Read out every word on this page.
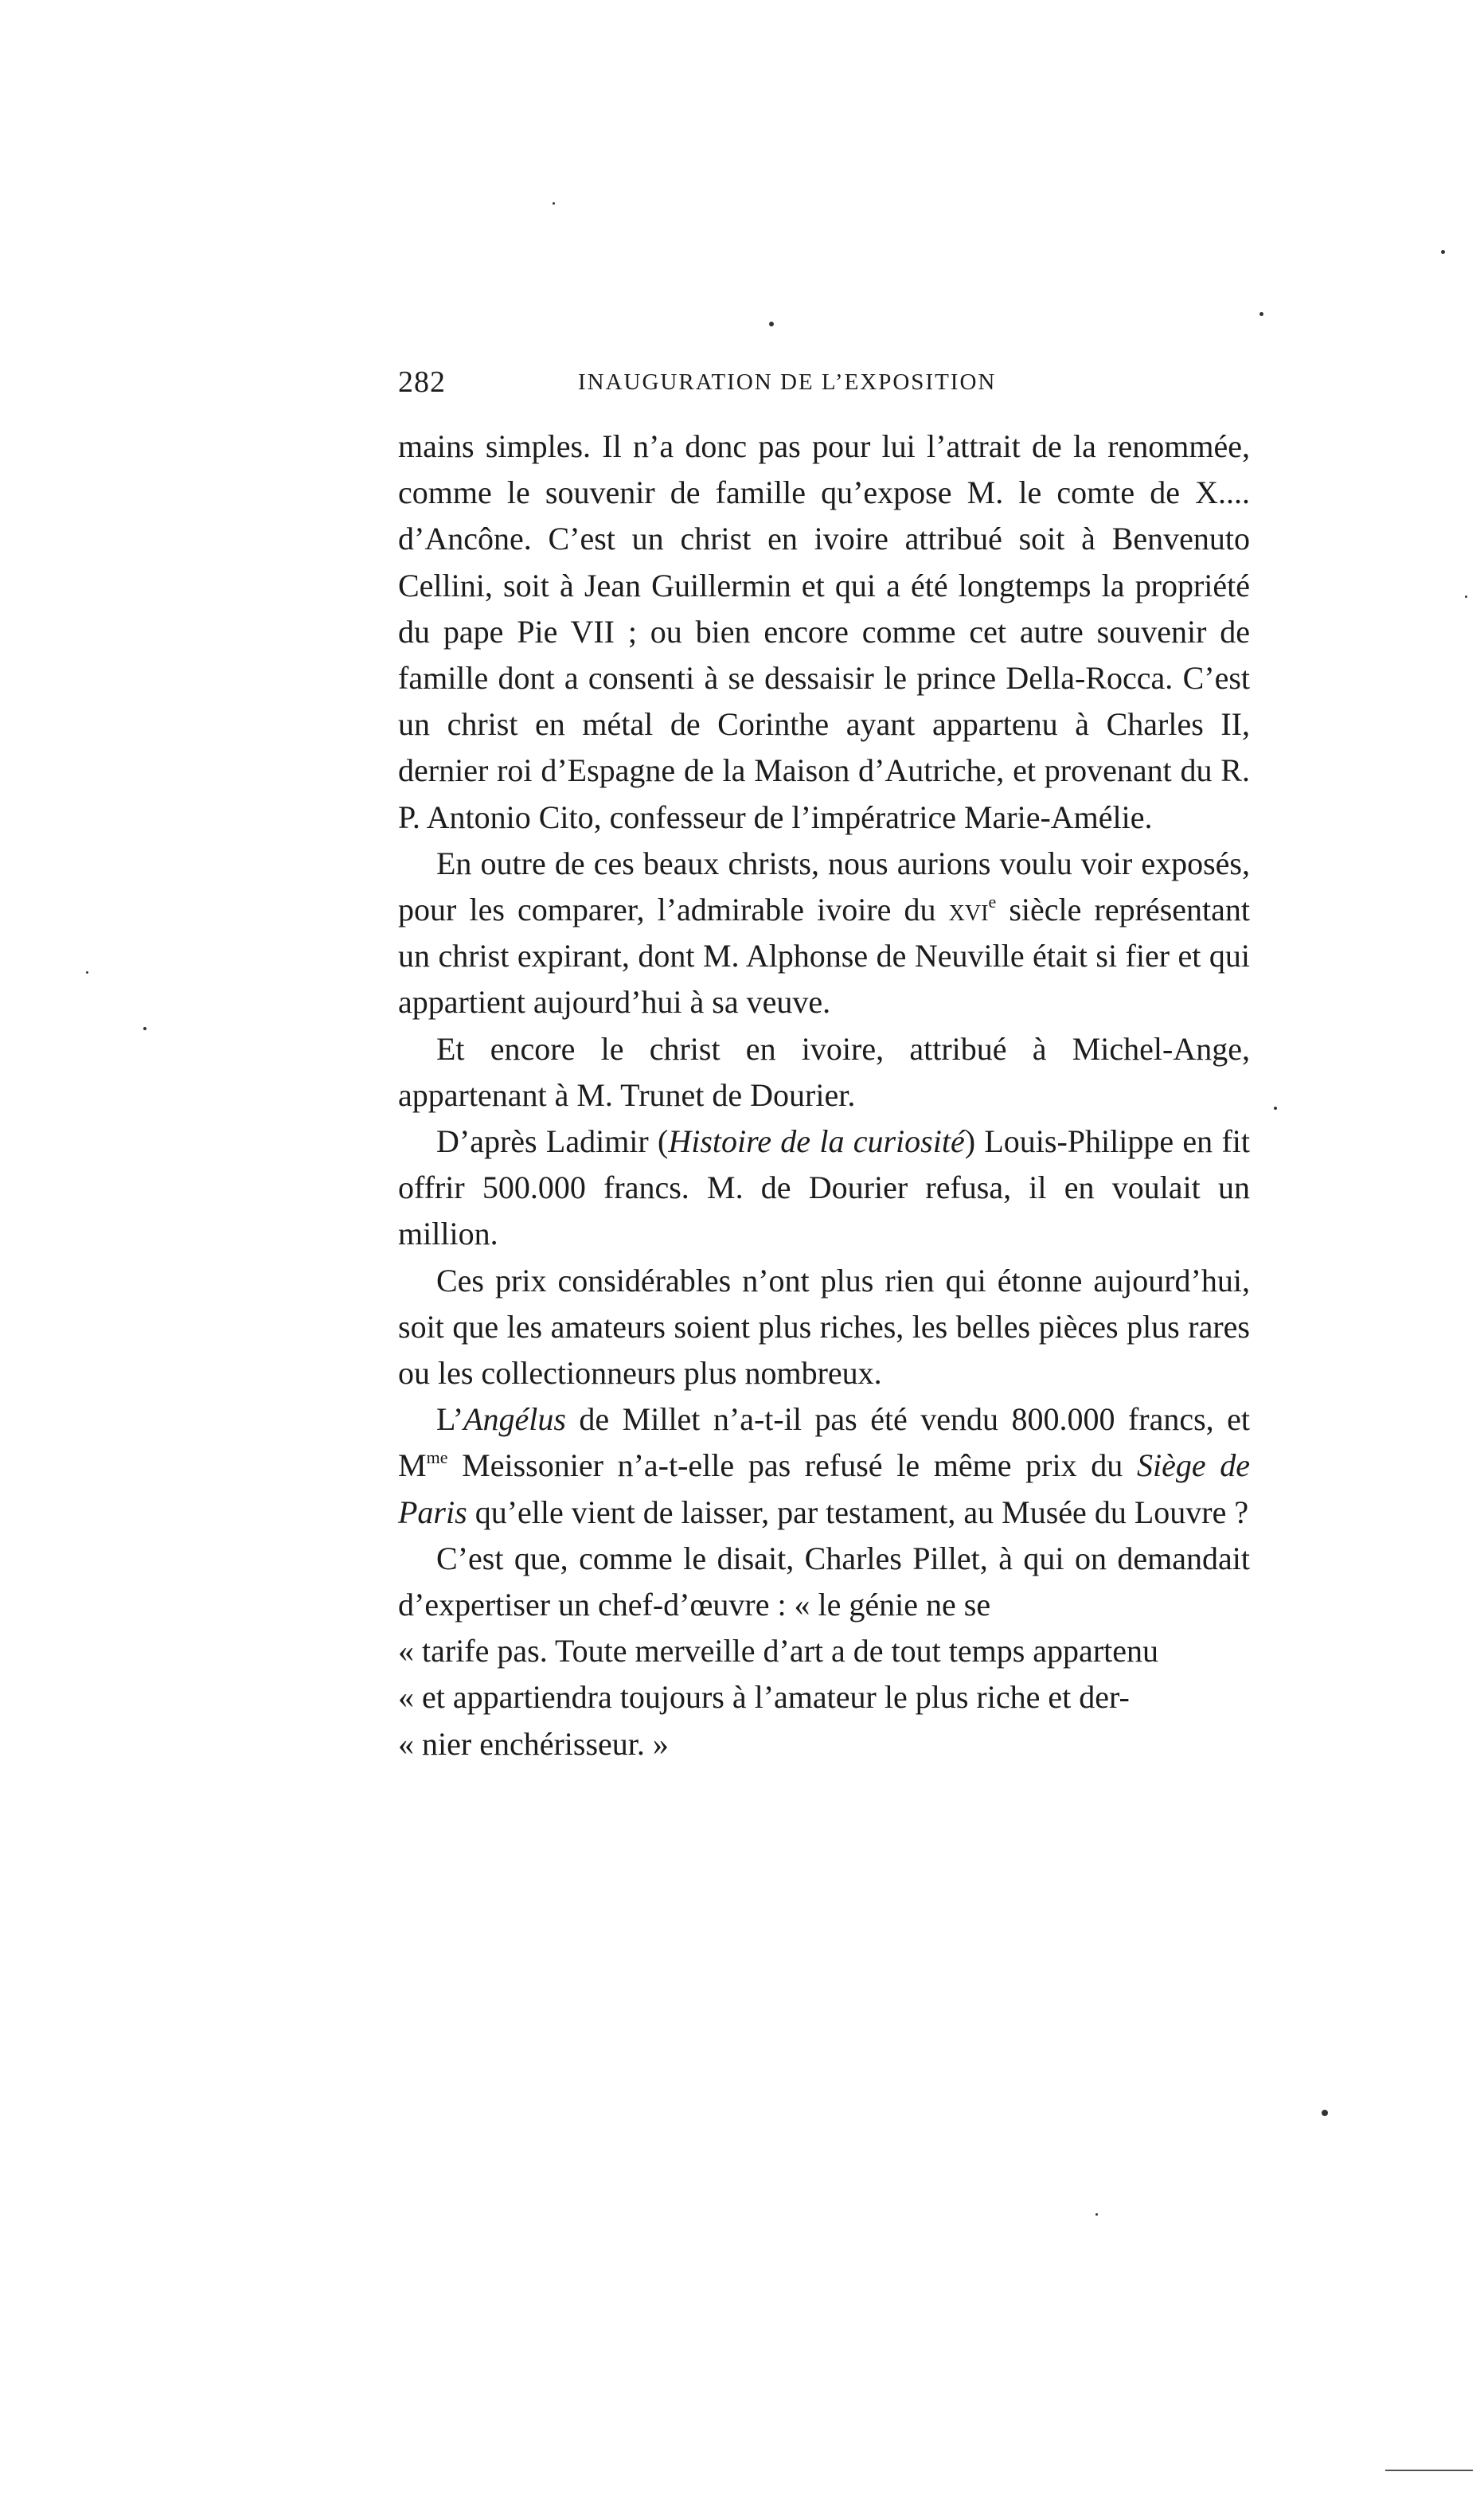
282	INAUGURATION DE L’EXPOSITION

mains simples. Il n’a donc pas pour lui l’attrait de la renommée, comme le souvenir de famille qu’expose M. le comte de X.... d’Ancône. C’est un christ en ivoire attribué soit à Benvenuto Cellini, soit à Jean Guillermin et qui a été longtemps la propriété du pape Pie VII ; ou bien encore comme cet autre souvenir de famille dont a consenti à se dessaisir le prince Della-Rocca. C’est un christ en métal de Corinthe ayant appartenu à Charles II, dernier roi d’Espagne de la Maison d’Autriche, et provenant du R. P. Antonio Cito, confesseur de l’impératrice Marie-Amélie.

En outre de ces beaux christs, nous aurions voulu voir exposés, pour les comparer, l’admirable ivoire du xvi$^e$ siècle représentant un christ expirant, dont M. Alphonse de Neuville était si fier et qui appartient aujourd’hui à sa veuve.

Et encore le christ en ivoire, attribué à Michel-Ange, appartenant à M. Trunet de Dourier.

D’après Ladimir (Histoire de la curiosité) Louis-Philippe en fit offrir 500.000 francs. M. de Dourier refusa, il en voulait un million.

Ces prix considérables n’ont plus rien qui étonne aujourd’hui, soit que les amateurs soient plus riches, les belles pièces plus rares ou les collectionneurs plus nombreux.

L’Angélus de Millet n’a-t-il pas été vendu 800.000 francs, et $M^{me}$ Meissonier n’a-t-elle pas refusé le même prix du Siège de Paris qu’elle vient de laisser, par testament, au Musée du Louvre ?

C’est que, comme le disait, Charles Pillet, à qui on demandait d’expertiser un chef-d’œuvre : « le génie ne se

« tarife pas. Toute merveille d’art a de tout temps appartenu

« et appartiendra toujours à l’amateur le plus riche et der-

« nier enchérisseur. »
